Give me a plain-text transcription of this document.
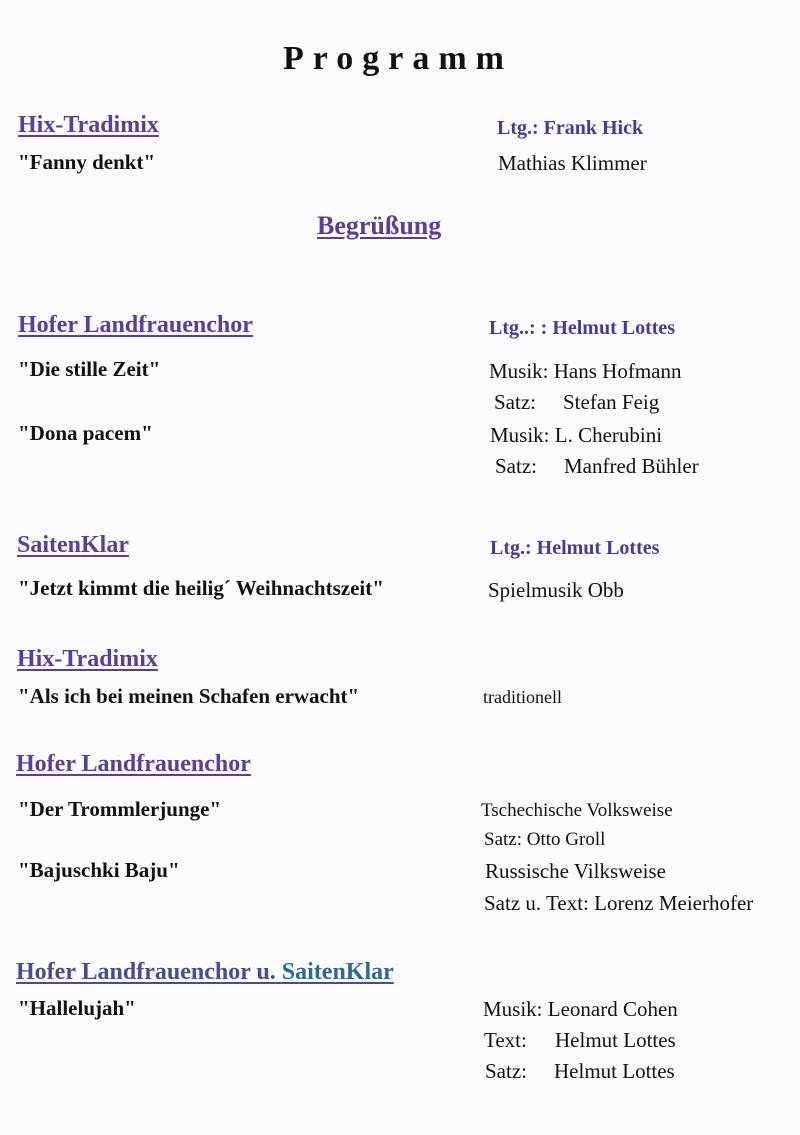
Programm
Hix-Tradimix	Ltg.: Frank Hick
"Fanny denkt"	Mathias Klimmer
Begrüßung
Hofer Landfrauenchor	Ltg..: : Helmut Lottes
"Die stille Zeit"	Musik: Hans Hofmann
Satz: Stefan Feig
"Dona pacem"	Musik: L. Cherubini
Satz: Manfred Bühler
SaitenKlar	Ltg.: Helmut Lottes
"Jetzt kimmt die heilig´ Weihnachtszeit"	Spielmusik Obb
Hix-Tradimix
"Als ich bei meinen Schafen erwacht"	traditionell
Hofer Landfrauenchor
"Der Trommlerjunge"	Tschechische Volksweise
Satz: Otto Groll
"Bajuschki Baju"	Russische Vilksweise
Satz u. Text: Lorenz Meierhofer
Hofer Landfrauenchor u. SaitenKlar
"Hallelujah"	Musik: Leonard Cohen
Text: Helmut Lottes
Satz: Helmut Lottes
